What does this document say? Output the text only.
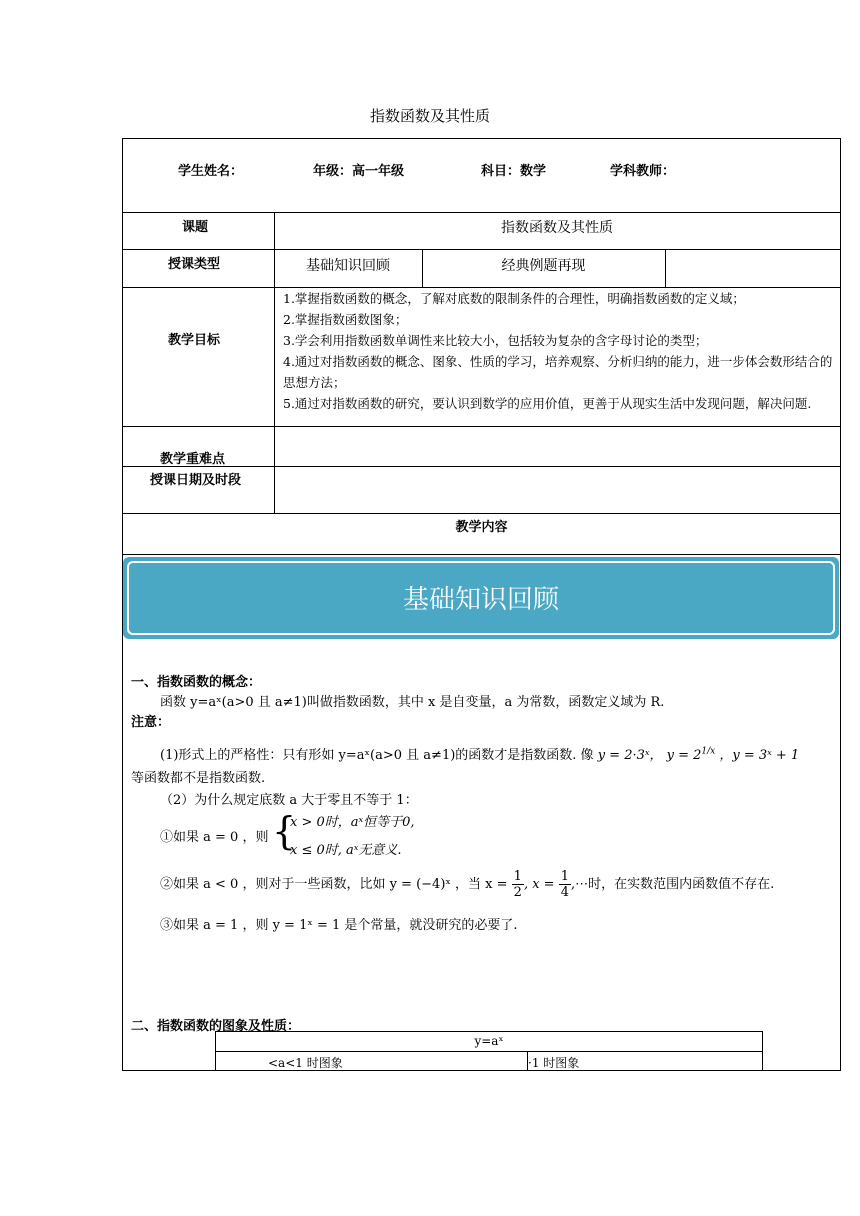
指数函数及其性质
学生姓名：	年级：高一年级	科目：数学	学科教师：
课题	指数函数及其性质
授课类型	基础知识回顾	经典例题再现
教学目标
1.掌握指数函数的概念，了解对底数的限制条件的合理性，明确指数函数的定义域；
2.掌握指数函数图象；
3.学会利用指数函数单调性来比较大小，包括较为复杂的含字母讨论的类型；
4.通过对指数函数的概念、图象、性质的学习，培养观察、分析归纳的能力，进一步体会数形结合的思想方法；
5.通过对指数函数的研究，要认识到数学的应用价值，更善于从现实生活中发现问题，解决问题.
教学重难点
授课日期及时段
教学内容
基础知识回顾
一、指数函数的概念：
函数 y=aˣ(a>0 且 a≠1)叫做指数函数，其中 x 是自变量，a 为常数，函数定义域为 R.
注意：
(1)形式上的严格性：只有形如 y=aˣ(a>0 且 a≠1)的函数才是指数函数. 像 y = 2·3ˣ， $y = 2^{1/x}$ ，y = 3ˣ + 1
等函数都不是指数函数.
（2）为什么规定底数 a 大于零且不等于 1：
①如果 a = 0 ，则 {
x > 0时，aˣ恒等于0,
x ≤ 0时, aˣ无意义.
②如果 a < 0 ，则对于一些函数，比如 y = (−4)ˣ ，当 $x = \frac{1}{2}$ , $x = \frac{1}{4}$ ,⋯时，在实数范围内函数值不存在.
③如果 a = 1 ，则 y = 1ˣ = 1 是个常量，就没研究的必要了.
二、指数函数的图象及性质：
y=aˣ
<a<1 时图象	·1 时图象
